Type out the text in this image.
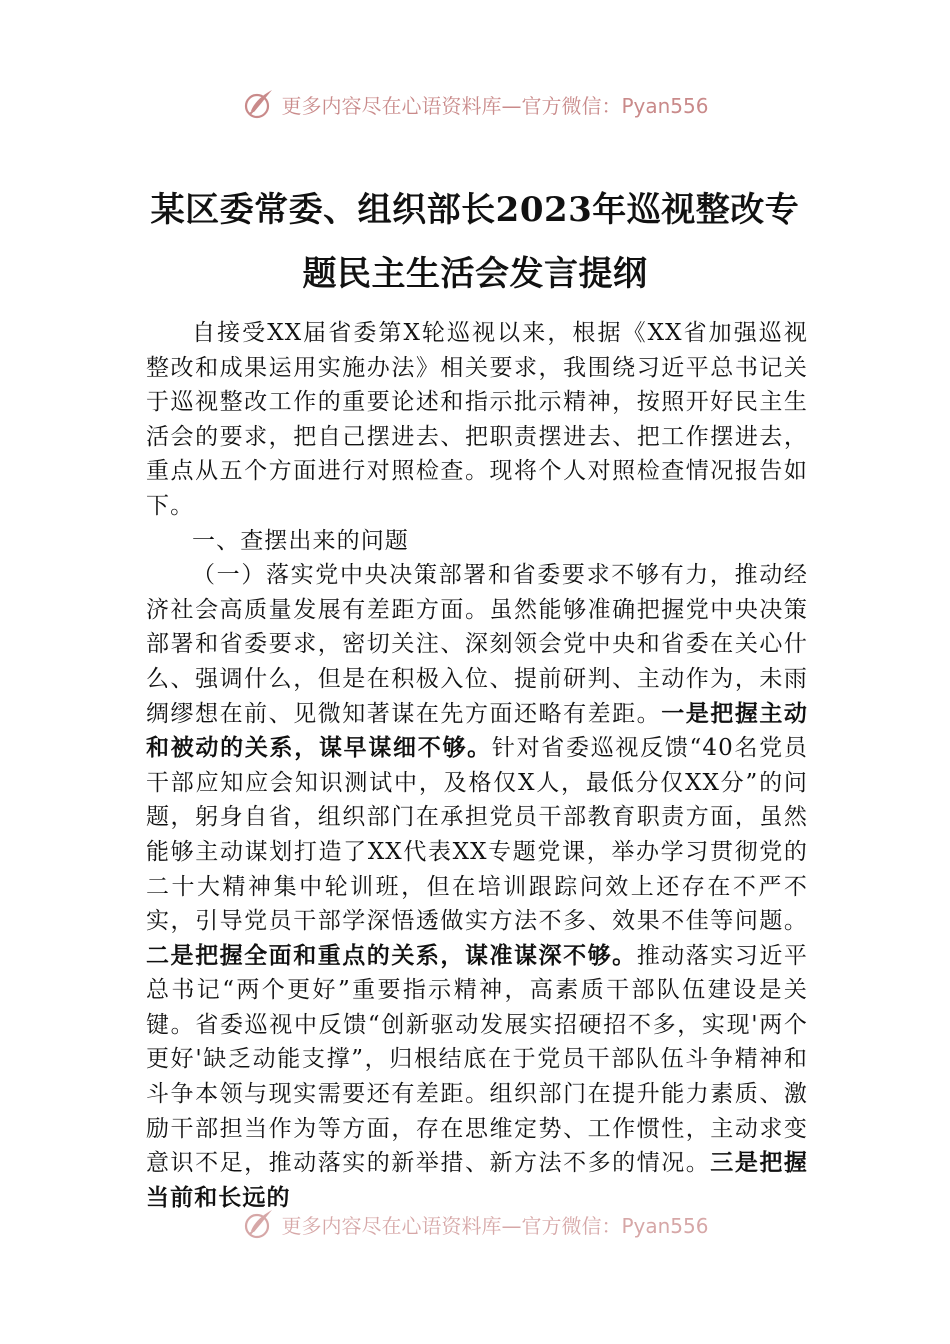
更多内容尽在心语资料库—官方微信：Pyan556
某区委常委、组织部长2023年巡视整改专
题民主生活会发言提纲

自接受XX届省委第X轮巡视以来，根据《XX省加强巡视整改和成果运用实施办法》相关要求，我围绕习近平总书记关于巡视整改工作的重要论述和指示批示精神，按照开好民主生活会的要求，把自己摆进去、把职责摆进去、把工作摆进去，重点从五个方面进行对照检查。现将个人对照检查情况报告如下。

一、查摆出来的问题

（一）落实党中央决策部署和省委要求不够有力，推动经济社会高质量发展有差距方面。虽然能够准确把握党中央决策部署和省委要求，密切关注、深刻领会党中央和省委在关心什么、强调什么，但是在积极入位、提前研判、主动作为，未雨绸缪想在前、见微知著谋在先方面还略有差距。一是把握主动和被动的关系，谋早谋细不够。针对省委巡视反馈“40名党员干部应知应会知识测试中，及格仅X人，最低分仅XX分”的问题，躬身自省，组织部门在承担党员干部教育职责方面，虽然能够主动谋划打造了XX代表XX专题党课，举办学习贯彻党的二十大精神集中轮训班，但在培训跟踪问效上还存在不严不实，引导党员干部学深悟透做实方法不多、效果不佳等问题。二是把握全面和重点的关系，谋准谋深不够。推动落实习近平总书记“两个更好”重要指示精神，高素质干部队伍建设是关键。省委巡视中反馈“创新驱动发展实招硬招不多，实现'两个更好'缺乏动能支撑”，归根结底在于党员干部队伍斗争精神和斗争本领与现实需要还有差距。组织部门在提升能力素质、激励干部担当作为等方面，存在思维定势、工作惯性，主动求变意识不足，推动落实的新举措、新方法不多的情况。三是把握当前和长远的

更多内容尽在心语资料库—官方微信：Pyan556
